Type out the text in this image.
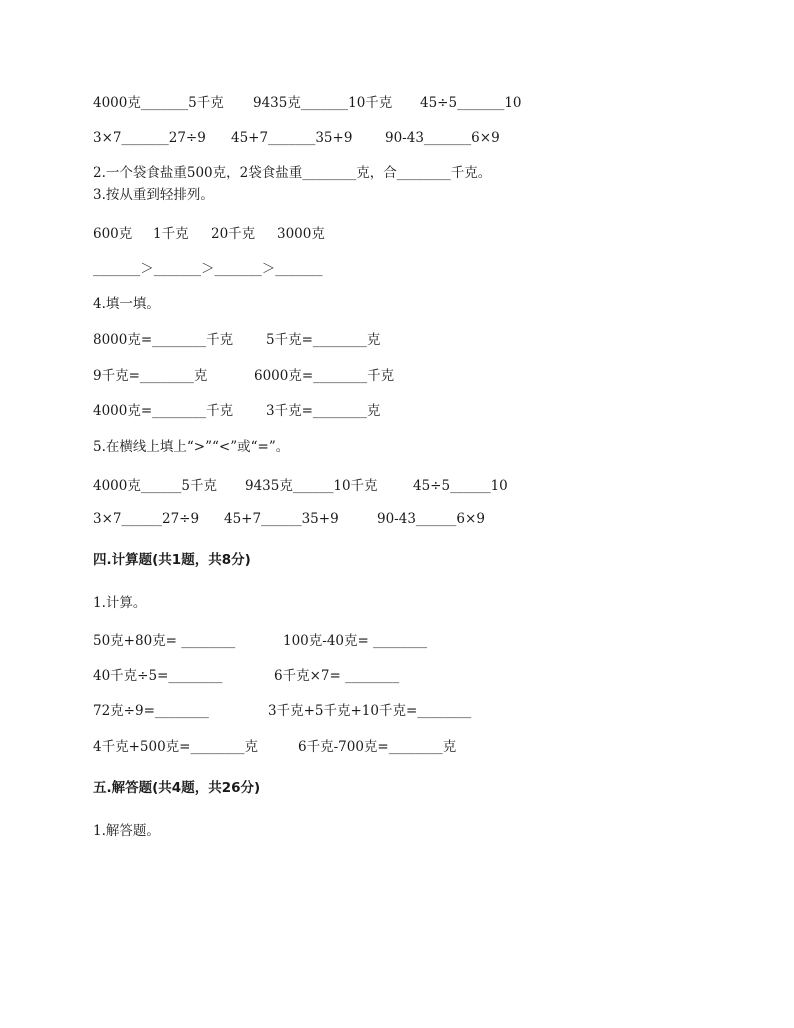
4000克_______5千克 9435克_______10千克 45÷5_______10
3×7_______27÷9 45+7_______35+9 90-43_______6×9
2.一个袋食盐重500克，2袋食盐重________克，合________千克。
3.按从重到轻排列。
600克 1千克 20千克 3000克
_______＞_______＞_______＞_______
4.填一填。
8000克=________千克 5千克=________克
9千克=________克	6000克=________千克
4000克=________千克 3千克=________克
5.在横线上填上“>”“<”或“=”。
4000克______5千克 9435克______10千克	45÷5______10
3×7______27÷9 45+7______35+9	90-43______6×9
四.计算题(共1题，共8分)
1.计算。
50克+80克= ________	100克-40克= ________
40千克÷5=________	6千克×7= ________
72克÷9=________	3千克+5千克+10千克=________
4千克+500克=________克	6千克-700克=________克
五.解答题(共4题，共26分)
1.解答题。
